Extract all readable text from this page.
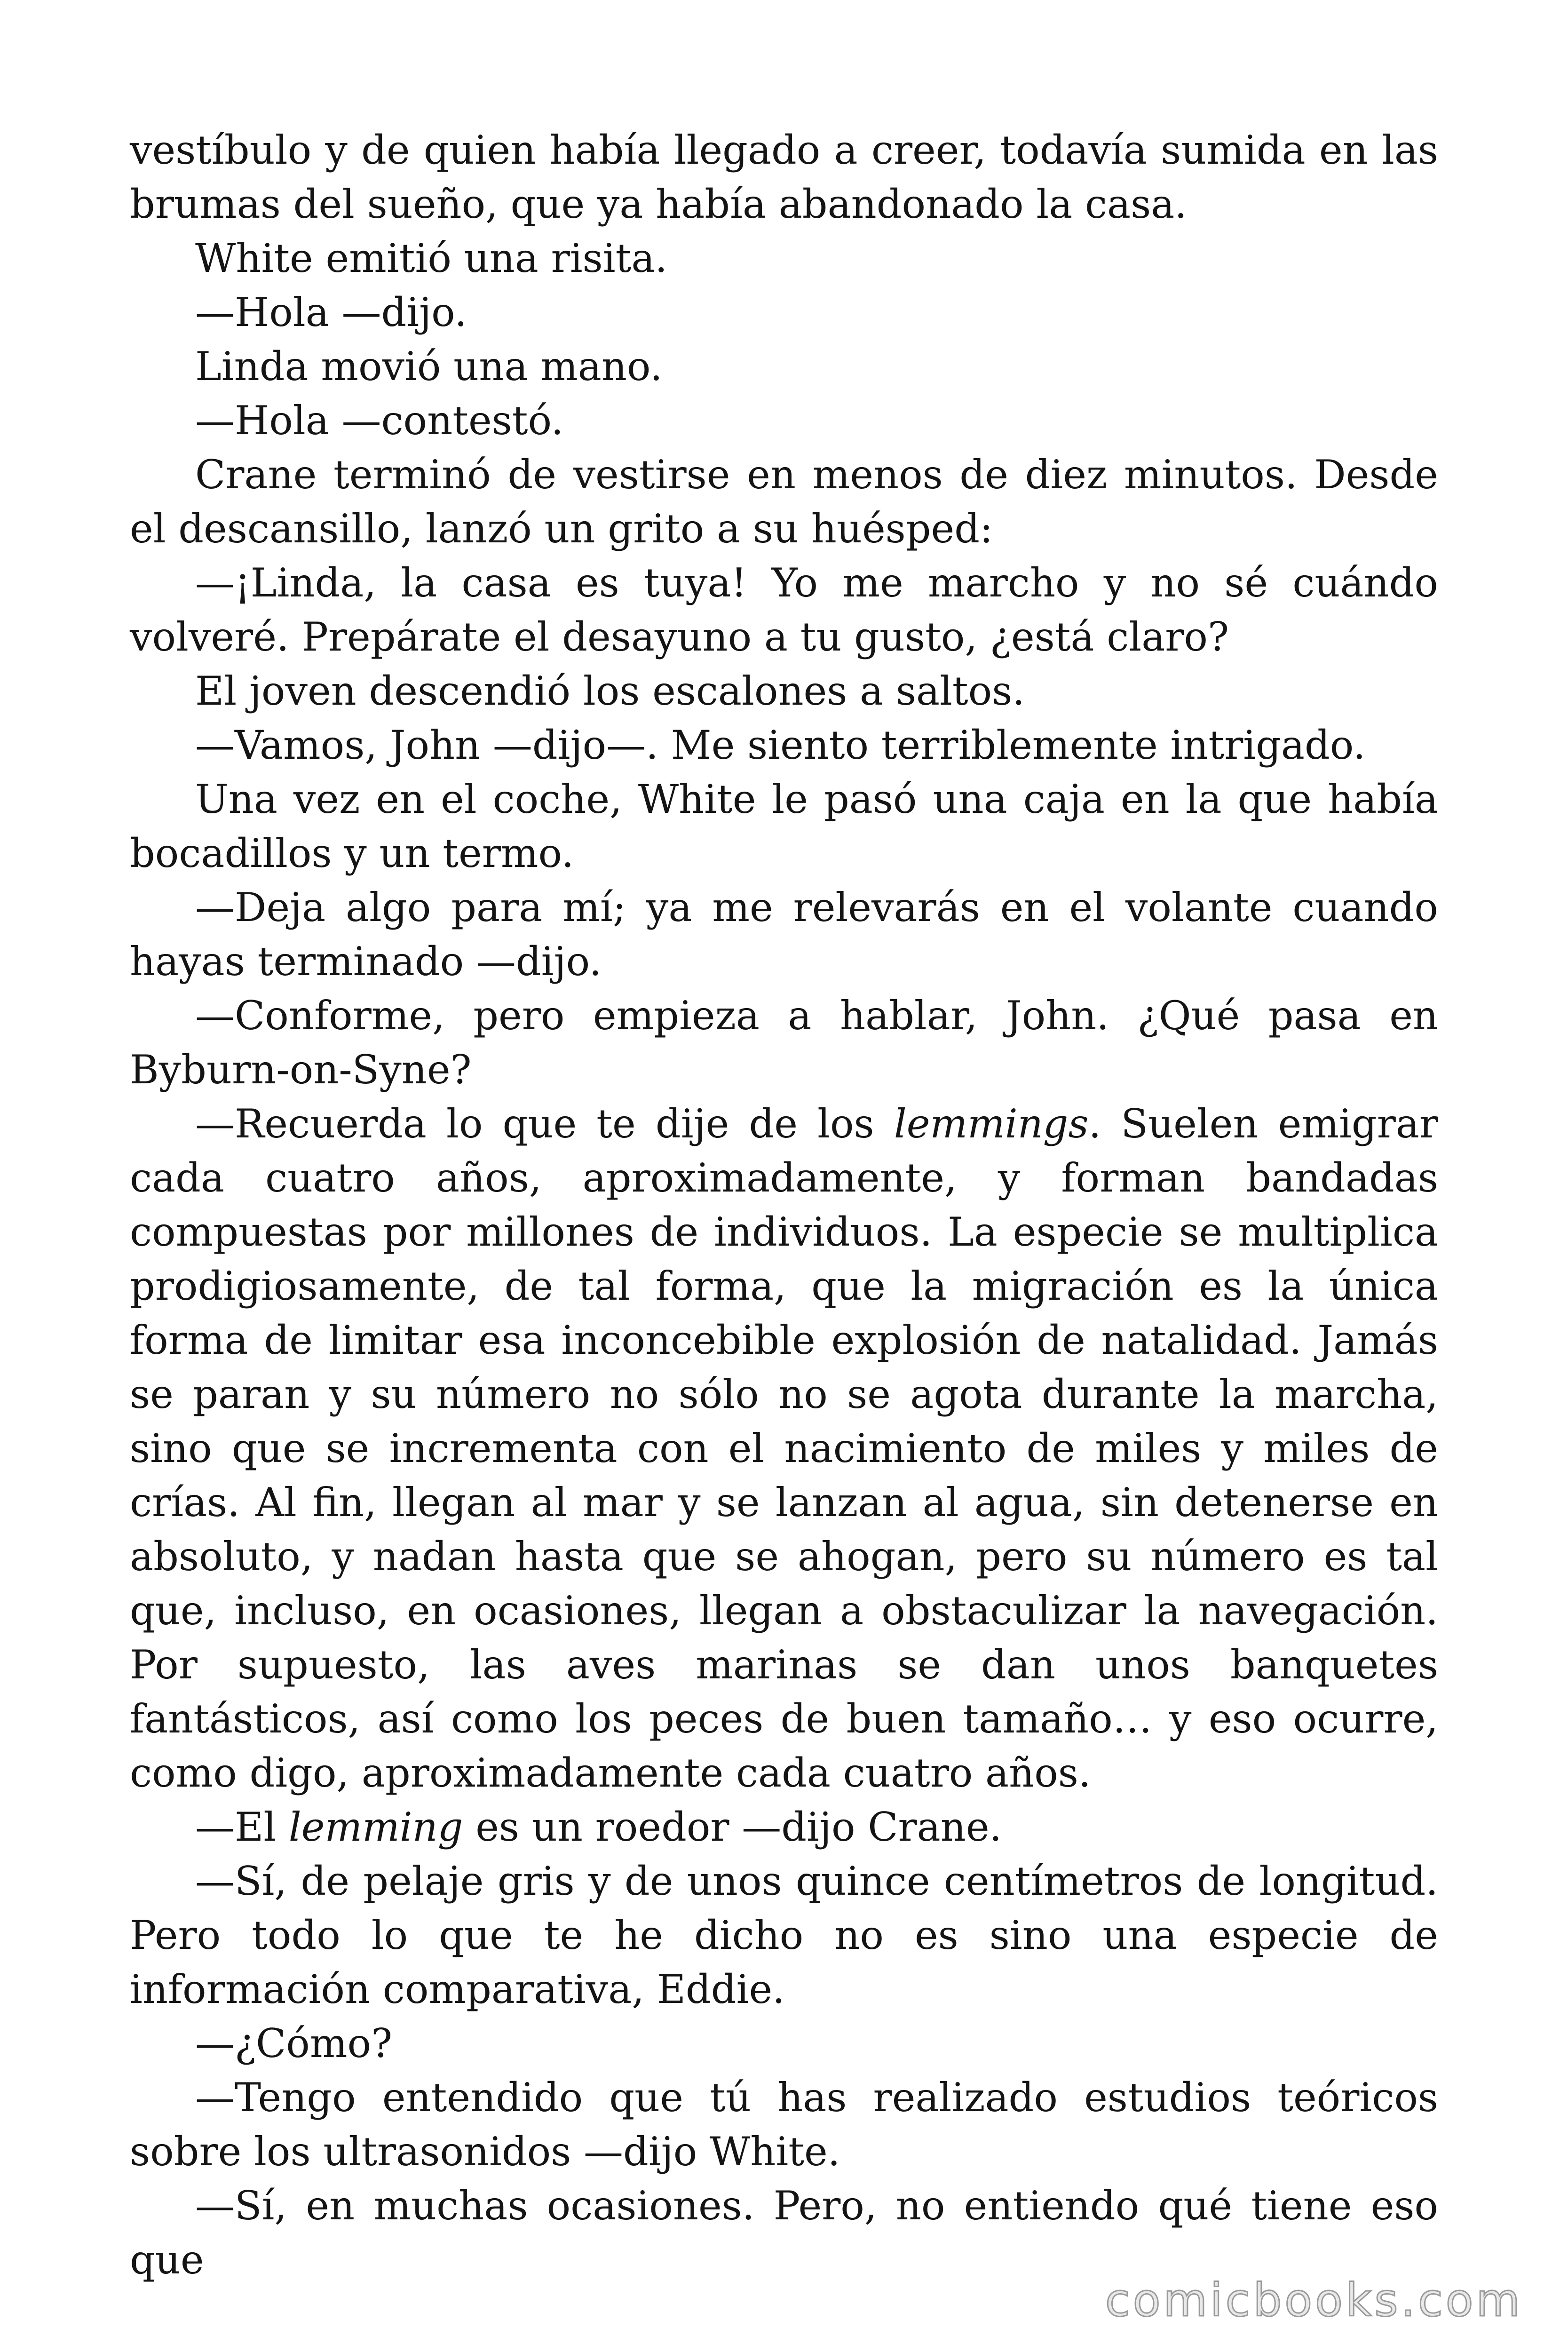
vestíbulo y de quien había llegado a creer, todavía sumida en las brumas del sueño, que ya había abandonado la casa.

White emitió una risita.

—Hola —dijo.

Linda movió una mano.

—Hola —contestó.

Crane terminó de vestirse en menos de diez minutos. Desde el descansillo, lanzó un grito a su huésped:

—¡Linda, la casa es tuya! Yo me marcho y no sé cuándo volveré. Prepárate el desayuno a tu gusto, ¿está claro?

El joven descendió los escalones a saltos.

—Vamos, John —dijo—. Me siento terriblemente intrigado.

Una vez en el coche, White le pasó una caja en la que había bocadillos y un termo.

—Deja algo para mí; ya me relevarás en el volante cuando hayas terminado —dijo.

—Conforme, pero empieza a hablar, John. ¿Qué pasa en Byburn-on-Syne?

—Recuerda lo que te dije de los lemmings. Suelen emigrar cada cuatro años, aproximadamente, y forman bandadas compuestas por millones de individuos. La especie se multiplica prodigiosamente, de tal forma, que la migración es la única forma de limitar esa inconcebible explosión de natalidad. Jamás se paran y su número no sólo no se agota durante la marcha, sino que se incrementa con el nacimiento de miles y miles de crías. Al fin, llegan al mar y se lanzan al agua, sin detenerse en absoluto, y nadan hasta que se ahogan, pero su número es tal que, incluso, en ocasiones, llegan a obstaculizar la navegación. Por supuesto, las aves marinas se dan unos banquetes fantásticos, así como los peces de buen tamaño… y eso ocurre, como digo, aproximadamente cada cuatro años.

—El lemming es un roedor —dijo Crane.

—Sí, de pelaje gris y de unos quince centímetros de longitud. Pero todo lo que te he dicho no es sino una especie de información comparativa, Eddie.

—¿Cómo?

—Tengo entendido que tú has realizado estudios teóricos sobre los ultrasonidos —dijo White.

—Sí, en muchas ocasiones. Pero, no entiendo qué tiene eso que

comicbooks.com
